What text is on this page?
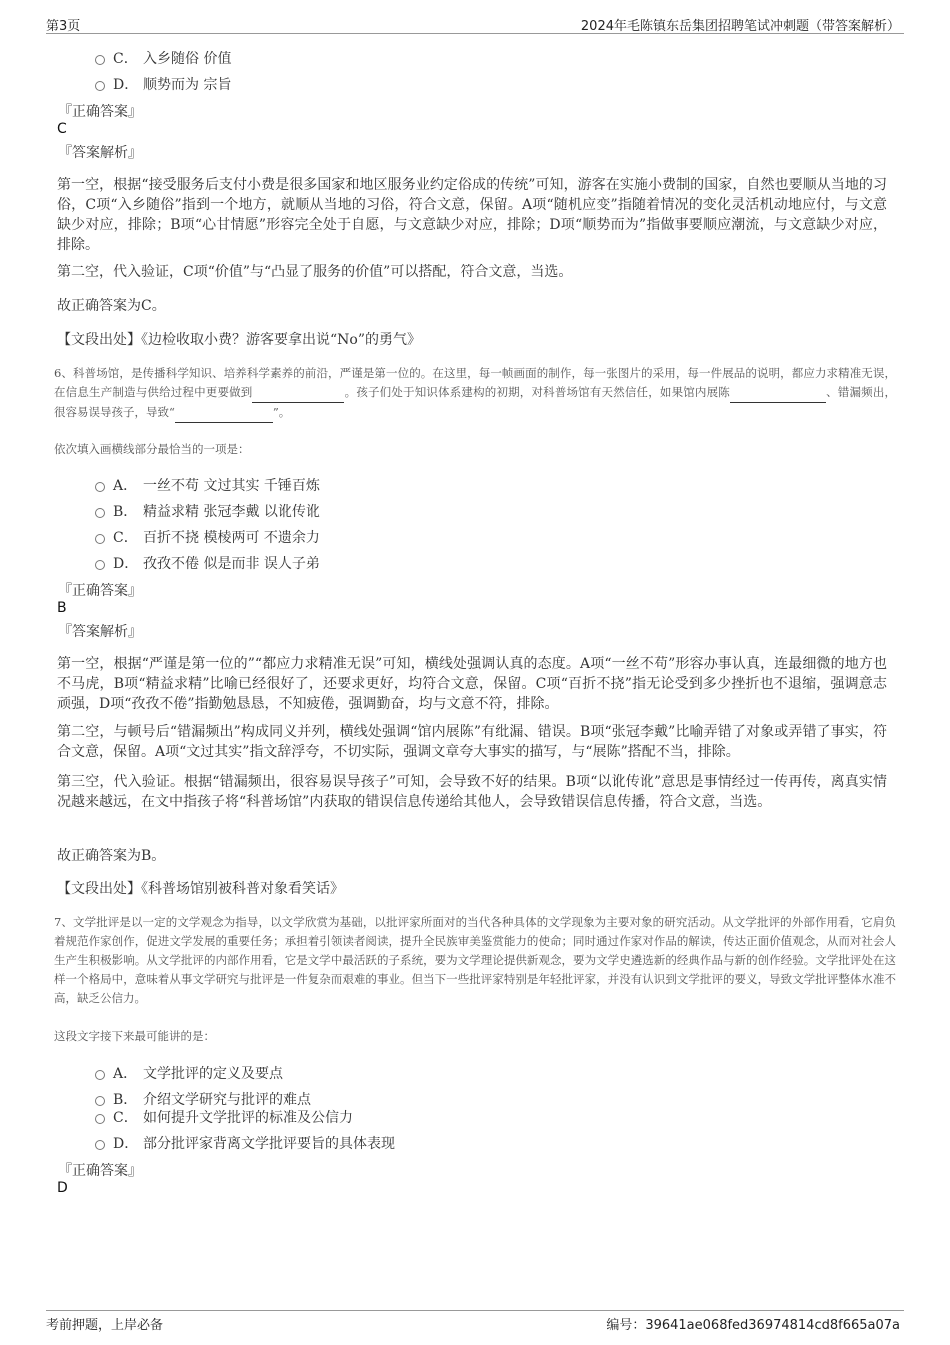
第3页	2024年毛陈镇东岳集团招聘笔试冲刺题（带答案解析）
C． 入乡随俗 价值
D． 顺势而为 宗旨
『正确答案』
C
『答案解析』
第一空，根据“接受服务后支付小费是很多国家和地区服务业约定俗成的传统”可知，游客在实施小费制的国家，自然也要顺从当地的习俗，C项“入乡随俗”指到一个地方，就顺从当地的习俗，符合文意，保留。A项“随机应变”指随着情况的变化灵活机动地应付，与文意缺少对应，排除；B项“心甘情愿”形容完全处于自愿，与文意缺少对应，排除；D项“顺势而为”指做事要顺应潮流，与文意缺少对应，排除。
第二空，代入验证，C项“价值”与“凸显了服务的价值”可以搭配，符合文意，当选。
故正确答案为C。
【文段出处】《边检收取小费？游客要拿出说“No”的勇气》
6、科普场馆，是传播科学知识、培养科学素养的前沿，严谨是第一位的。在这里，每一帧画面的制作，每一张图片的采用，每一件展品的说明，都应力求精准无误，在信息生产制造与供给过程中更要做到	。孩子们处于知识体系建构的初期，对科普场馆有天然信任，如果馆内展陈	、错漏频出，很容易误导孩子，导致“	”。
依次填入画横线部分最恰当的一项是：
A． 一丝不苟 文过其实 千锤百炼
B． 精益求精 张冠李戴 以讹传讹
C． 百折不挠 模棱两可 不遗余力
D． 孜孜不倦 似是而非 误人子弟
『正确答案』
B
『答案解析』
第一空，根据“严谨是第一位的”“都应力求精准无误”可知，横线处强调认真的态度。A项“一丝不苟”形容办事认真，连最细微的地方也不马虎，B项“精益求精”比喻已经很好了，还要求更好，均符合文意，保留。C项“百折不挠”指无论受到多少挫折也不退缩，强调意志顽强，D项“孜孜不倦”指勤勉恳恳，不知疲倦，强调勤奋，均与文意不符，排除。
第二空，与顿号后“错漏频出”构成同义并列，横线处强调“馆内展陈”有纰漏、错误。B项“张冠李戴”比喻弄错了对象或弄错了事实，符合文意，保留。A项“文过其实”指文辞浮夸，不切实际，强调文章夸大事实的描写，与“展陈”搭配不当，排除。
第三空，代入验证。根据“错漏频出，很容易误导孩子”可知，会导致不好的结果。B项“以讹传讹”意思是事情经过一传再传，离真实情况越来越远，在文中指孩子将“科普场馆”内获取的错误信息传递给其他人，会导致错误信息传播，符合文意，当选。
故正确答案为B。
【文段出处】《科普场馆别被科普对象看笑话》
7、文学批评是以一定的文学观念为指导，以文学欣赏为基础，以批评家所面对的当代各种具体的文学现象为主要对象的研究活动。从文学批评的外部作用看，它肩负着规范作家创作，促进文学发展的重要任务；承担着引领读者阅读，提升全民族审美鉴赏能力的使命；同时通过作家对作品的解读，传达正面价值观念，从而对社会人生产生积极影响。从文学批评的内部作用看，它是文学中最活跃的子系统，要为文学理论提供新观念，要为文学史遴选新的经典作品与新的创作经验。文学批评处在这样一个格局中，意味着从事文学研究与批评是一件复杂而艰难的事业。但当下一些批评家特别是年轻批评家，并没有认识到文学批评的要义，导致文学批评整体水准不高，缺乏公信力。
这段文字接下来最可能讲的是：
A． 文学批评的定义及要点
B． 介绍文学研究与批评的难点
C． 如何提升文学批评的标准及公信力
D． 部分批评家背离文学批评要旨的具体表现
『正确答案』
D
考前押题，上岸必备	编号：39641ae068fed36974814cd8f665a07a
